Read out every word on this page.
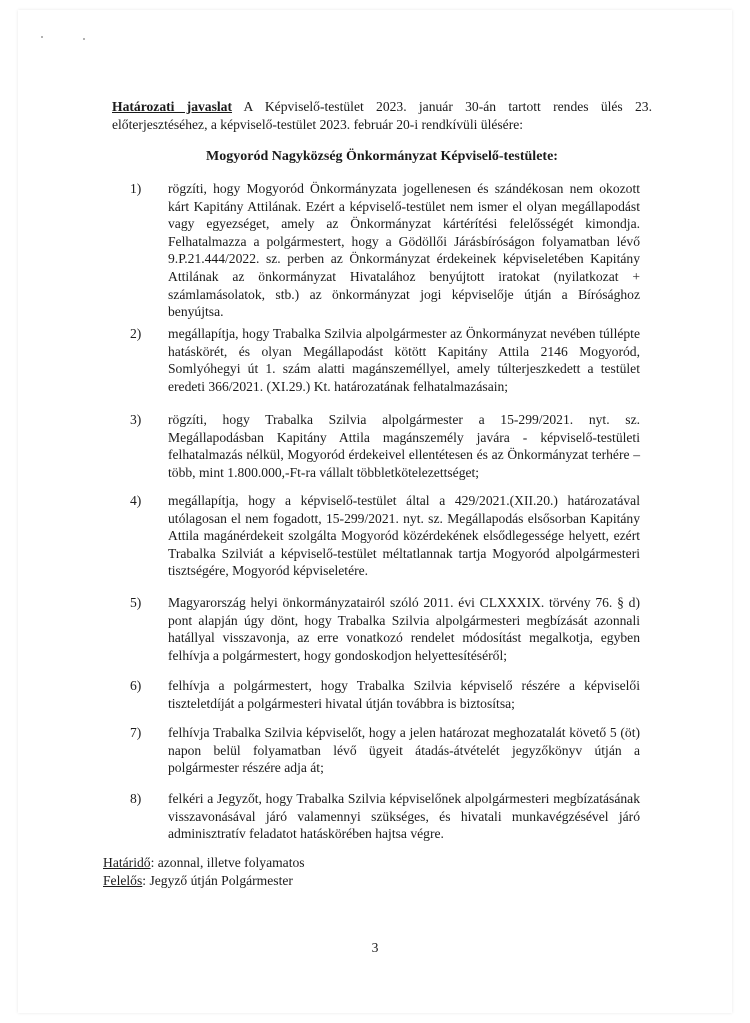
Határozati javaslat A Képviselő-testület 2023. január 30-án tartott rendes ülés 23. előterjesztéséhez, a képviselő-testület 2023. február 20-i rendkívüli ülésére:
Mogyoród Nagyközség Önkormányzat Képviselő-testülete:
1) rögzíti, hogy Mogyoród Önkormányzata jogellenesen és szándékosan nem okozott kárt Kapitány Attilának. Ezért a képviselő-testület nem ismer el olyan megállapodást vagy egyezséget, amely az Önkormányzat kártérítési felelősségét kimondja. Felhatalmazza a polgármestert, hogy a Gödöllői Járásbíróságon folyamatban lévő 9.P.21.444/2022. sz. perben az Önkormányzat érdekeinek képviseletében Kapitány Attilának az önkormányzat Hivatalához benyújtott iratokat (nyilatkozat + számlamásolatok, stb.) az önkormányzat jogi képviselője útján a Bírósághoz benyújtsa.
2) megállapítja, hogy Trabalka Szilvia alpolgármester az Önkormányzat nevében túllépte hatáskörét, és olyan Megállapodást kötött Kapitány Attila 2146 Mogyoród, Somlyóhegyi út 1. szám alatti magánszeméllyel, amely túlterjeszkedett a testület eredeti 366/2021. (XI.29.) Kt. határozatának felhatalmazásain;
3) rögzíti, hogy Trabalka Szilvia alpolgármester a 15-299/2021. nyt. sz. Megállapodásban Kapitány Attila magánszemély javára - képviselő-testületi felhatalmazás nélkül, Mogyoród érdekeivel ellentétesen és az Önkormányzat terhére – több, mint 1.800.000,-Ft-ra vállalt többletkötelezettséget;
4) megállapítja, hogy a képviselő-testület által a 429/2021.(XII.20.) határozatával utólagosan el nem fogadott, 15-299/2021. nyt. sz. Megállapodás elsősorban Kapitány Attila magánérdekeit szolgálta Mogyoród közérdekének elsődlegessége helyett, ezért Trabalka Szilviát a képviselő-testület méltatlannak tartja Mogyoród alpolgármesteri tisztségére, Mogyoród képviseletére.
5) Magyarország helyi önkormányzatairól szóló 2011. évi CLXXXIX. törvény 76. § d) pont alapján úgy dönt, hogy Trabalka Szilvia alpolgármesteri megbízását azonnali hatállyal visszavonja, az erre vonatkozó rendelet módosítást megalkotja, egyben felhívja a polgármestert, hogy gondoskodjon helyettesítéséről;
6) felhívja a polgármestert, hogy Trabalka Szilvia képviselő részére a képviselői tiszteletdíját a polgármesteri hivatal útján továbbra is biztosítsa;
7) felhívja Trabalka Szilvia képviselőt, hogy a jelen határozat meghozatalát követő 5 (öt) napon belül folyamatban lévő ügyeit átadás-átvételét jegyzőkönyv útján a polgármester részére adja át;
8) felkéri a Jegyzőt, hogy Trabalka Szilvia képviselőnek alpolgármesteri megbízatásának visszavonásával járó valamennyi szükséges, és hivatali munkavégzésével járó adminisztratív feladatot hatáskörében hajtsa végre.
Határidő: azonnal, illetve folyamatos
Felelős: Jegyző útján Polgármester
3
